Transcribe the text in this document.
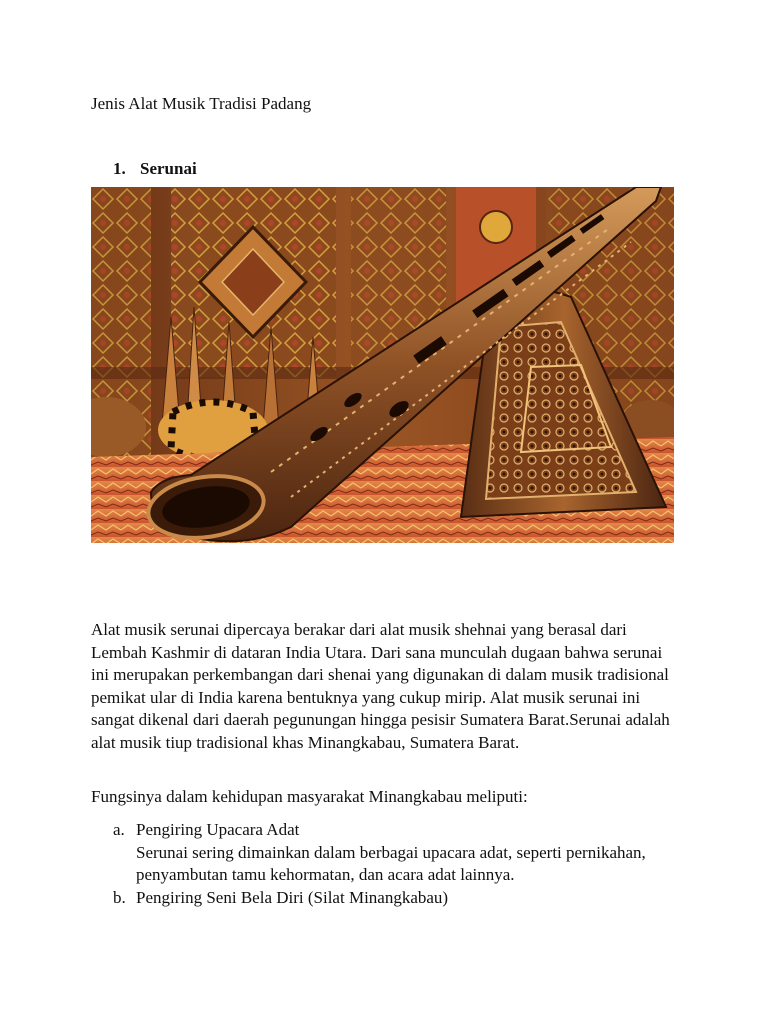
Jenis Alat Musik Tradisi Padang
1. Serunai

Alat musik serunai dipercaya berakar dari alat musik shehnai yang berasal dari Lembah Kashmir di dataran India Utara. Dari sana munculah dugaan bahwa serunai ini merupakan perkembangan dari shenai yang digunakan di dalam musik tradisional pemikat ular di India karena bentuknya yang cukup mirip. Alat musik serunai ini sangat dikenal dari daerah pegunungan hingga pesisir Sumatera Barat.Serunai adalah alat musik tiup tradisional khas Minangkabau, Sumatera Barat.

Fungsinya dalam kehidupan masyarakat Minangkabau meliputi:

a. Pengiring Upacara Adat
Serunai sering dimainkan dalam berbagai upacara adat, seperti pernikahan, penyambutan tamu kehormatan, dan acara adat lainnya.
b. Pengiring Seni Bela Diri (Silat Minangkabau)
